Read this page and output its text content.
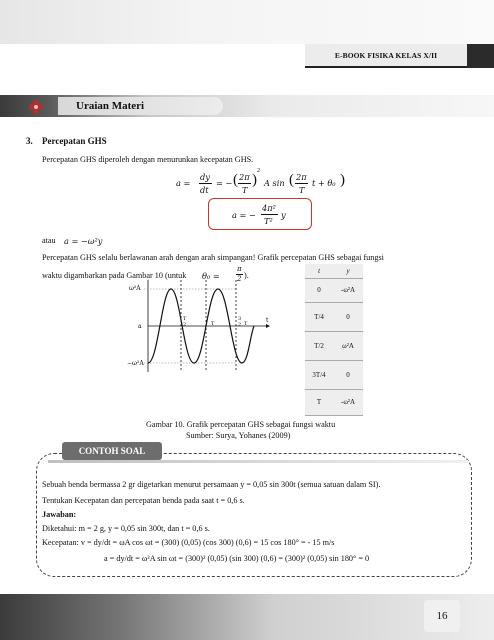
E-BOOK FISIKA KELAS X/II
Uraian Materi
3. Percepatan GHS
Percepatan GHS diperoleh dengan menurunkan kecepatan GHS.
a =
dy
dt
= − ( 2π
T
)
2
A sin ( 2π
T
t + θ₀ )
a = −
4π²
T²
y
atau a = −ω²y
Percepatan GHS selalu berlawanan arah dengan arah simpangan! Grafik percepatan GHS sebagai fungsi
waktu digambarkan pada Gambar 10 (untuk θ₀ =
π
2 ).
ω²A
a
−ω²A
t
T
2	T
3
T
2
t	y
0	-ω²A
T/4	0
T/2	ω²A
3T/4	0
T	-ω²A
Gambar 10. Grafik percepatan GHS sebagai fungsi waktu
Sumber: Surya, Yohanes (2009)
CONTOH SOAL
Sebuah benda bermassa 2 gr digetarkan menurut persamaan y = 0,05 sin 300t (semua satuan dalam SI).
Tentukan Kecepatan dan percepatan benda pada saat t = 0,6 s.
Jawaban:
Diketahui: m = 2 g, y = 0,05 sin 300t, dan t = 0,6 s.
Kecepatan: v = dy/dt = ωA cos ωt = (300) (0,05) (cos 300) (0,6) = 15 cos 180° = - 15 m/s
a = dy/dt = ω²A sin ωt = (300)² (0,05) (sin 300) (0,6) = (300)² (0,05) sin 180° = 0
16
